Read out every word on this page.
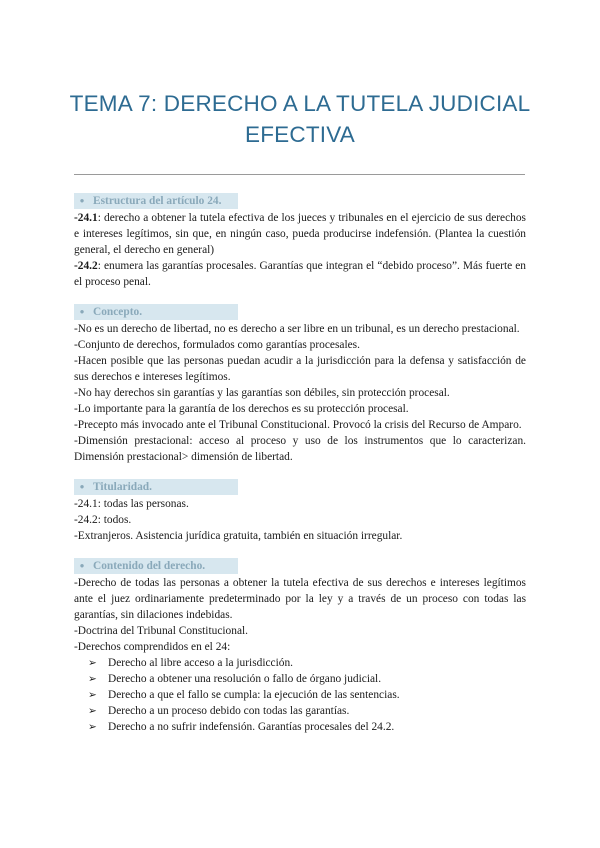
TEMA 7: DERECHO A LA TUTELA JUDICIAL EFECTIVA
● Estructura del artículo 24.

-24.1: derecho a obtener la tutela efectiva de los jueces y tribunales en el ejercicio de sus derechos e intereses legítimos, sin que, en ningún caso, pueda producirse indefensión. (Plantea la cuestión general, el derecho en general)

-24.2: enumera las garantías procesales. Garantías que integran el “debido proceso”. Más fuerte en el proceso penal.

● Concepto.

-No es un derecho de libertad, no es derecho a ser libre en un tribunal, es un derecho prestacional.

-Conjunto de derechos, formulados como garantías procesales.

-Hacen posible que las personas puedan acudir a la jurisdicción para la defensa y satisfacción de sus derechos e intereses legítimos.

-No hay derechos sin garantías y las garantías son débiles, sin protección procesal.

-Lo importante para la garantía de los derechos es su protección procesal.

-Precepto más invocado ante el Tribunal Constitucional. Provocó la crisis del Recurso de Amparo.

-Dimensión prestacional: acceso al proceso y uso de los instrumentos que lo caracterizan. Dimensión prestacional> dimensión de libertad.

● Titularidad.

-24.1: todas las personas.

-24.2: todos.

-Extranjeros. Asistencia jurídica gratuita, también en situación irregular.

● Contenido del derecho.

-Derecho de todas las personas a obtener la tutela efectiva de sus derechos e intereses legítimos ante el juez ordinariamente predeterminado por la ley y a través de un proceso con todas las garantías, sin dilaciones indebidas.

-Doctrina del Tribunal Constitucional.

-Derechos comprendidos en el 24:

➢ Derecho al libre acceso a la jurisdicción.
➢ Derecho a obtener una resolución o fallo de órgano judicial.
➢ Derecho a que el fallo se cumpla: la ejecución de las sentencias.
➢ Derecho a un proceso debido con todas las garantías.
➢ Derecho a no sufrir indefensión. Garantías procesales del 24.2.
